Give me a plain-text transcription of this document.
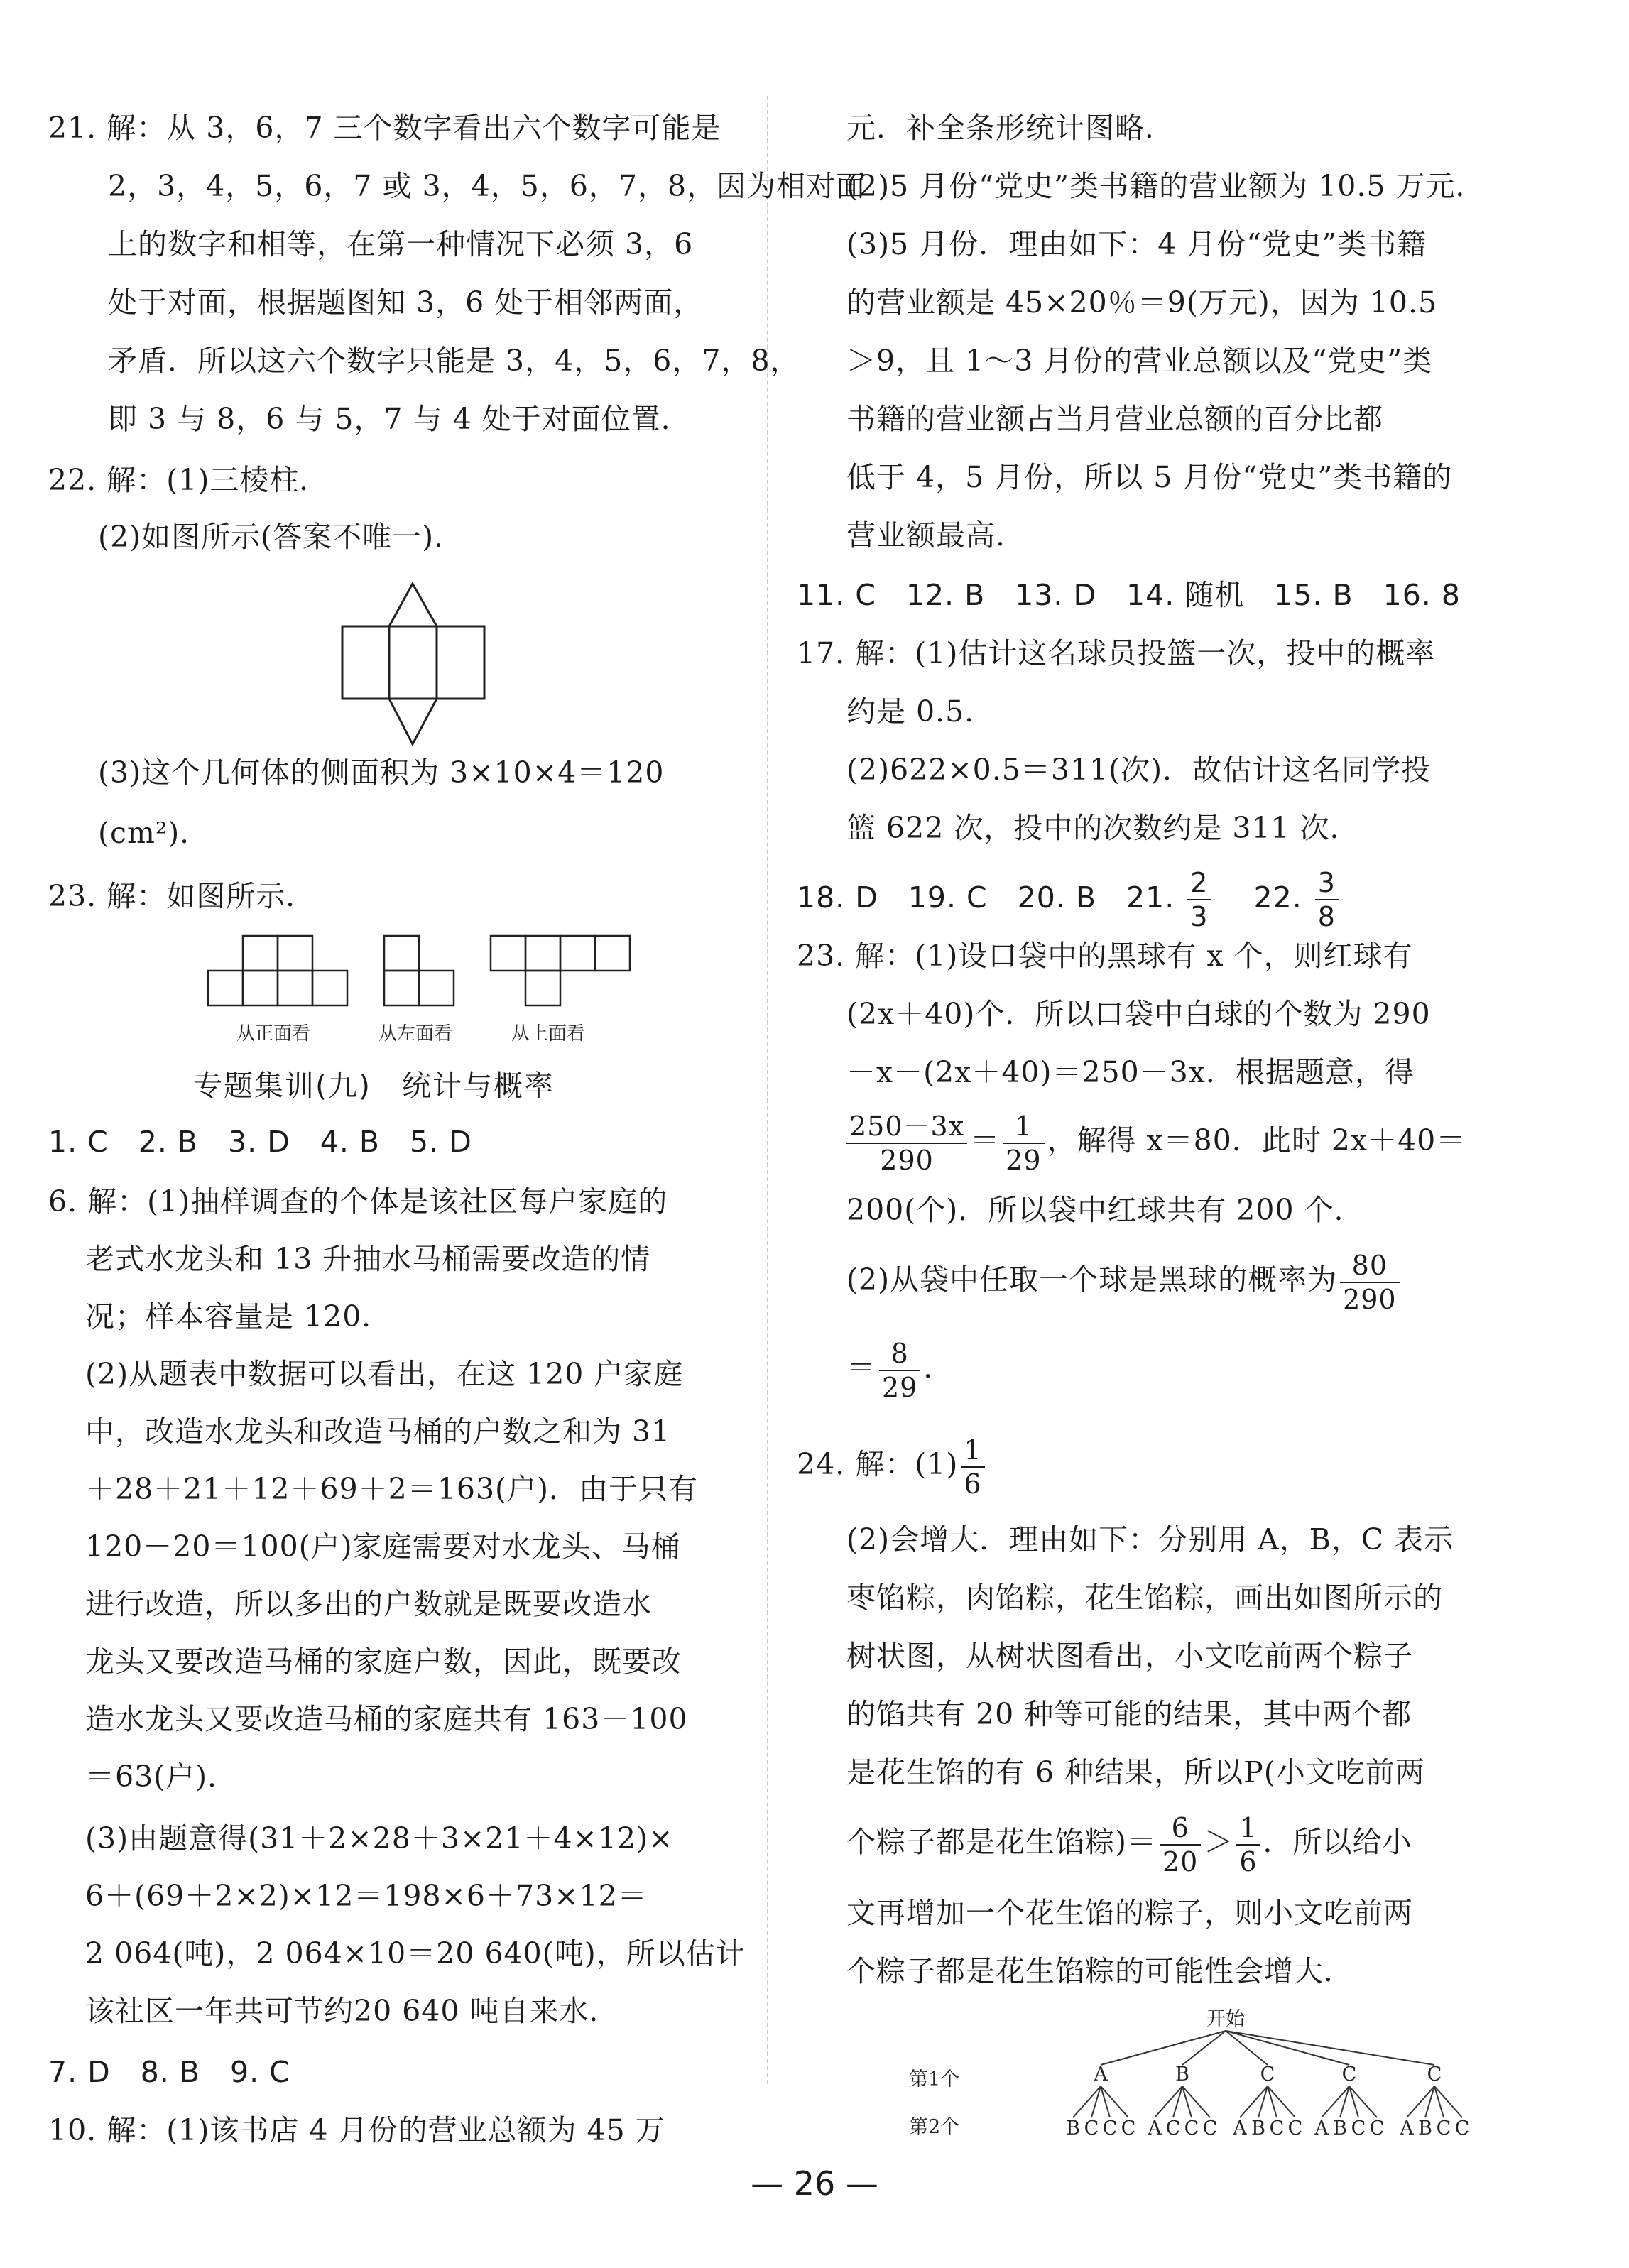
21. 解：从 3，6，7 三个数字看出六个数字可能是
2，3，4，5，6，7 或 3，4，5，6，7，8，因为相对面
上的数字和相等，在第一种情况下必须 3，6
处于对面，根据题图知 3，6 处于相邻两面，
矛盾．所以这六个数字只能是 3，4，5，6，7，8，
即 3 与 8，6 与 5，7 与 4 处于对面位置．
22. 解：(1)三棱柱．
(2)如图所示(答案不唯一)．
(3)这个几何体的侧面积为 3×10×4＝120
(cm²)．
23. 解：如图所示．
从正面看	从左面看	从上面看
专题集训(九)　统计与概率
1. C　2. B　3. D　4. B　5. D
6. 解：(1)抽样调查的个体是该社区每户家庭的
老式水龙头和 13 升抽水马桶需要改造的情
况；样本容量是 120．
(2)从题表中数据可以看出，在这 120 户家庭
中，改造水龙头和改造马桶的户数之和为 31
＋28＋21＋12＋69＋2＝163(户)．由于只有
120－20＝100(户)家庭需要对水龙头、马桶
进行改造，所以多出的户数就是既要改造水
龙头又要改造马桶的家庭户数，因此，既要改
造水龙头又要改造马桶的家庭共有 163－100
＝63(户)．
(3)由题意得(31＋2×28＋3×21＋4×12)×
6＋(69＋2×2)×12＝198×6＋73×12＝
2 064(吨)，2 064×10＝20 640(吨)，所以估计
该社区一年共可节约20 640 吨自来水．
7. D　8. B　9. C
10. 解：(1)该书店 4 月份的营业总额为 45 万
元．补全条形统计图略．
(2)5 月份“党史”类书籍的营业额为 10.5 万元．
(3)5 月份．理由如下：4 月份“党史”类书籍
的营业额是 45×20％＝9(万元)，因为 10.5
＞9，且 1～3 月份的营业总额以及“党史”类
书籍的营业额占当月营业总额的百分比都
低于 4，5 月份，所以 5 月份“党史”类书籍的
营业额最高．
11. C　12. B　13. D　14. 随机　15. B　16. 8
17. 解：(1)估计这名球员投篮一次，投中的概率
约是 0.5．
(2)622×0.5＝311(次)．故估计这名同学投
篮 622 次，投中的次数约是 311 次．
18. D　19. C　20. B　21. $\frac{2}{3}$ 　22. $\frac{3}{8}$
23. 解：(1)设口袋中的黑球有 x 个，则红球有
(2x＋40)个．所以口袋中白球的个数为 290
－x－(2x＋40)＝250－3x．根据题意，得
$\frac{250-3x}{290} = \frac{1}{29}$ ，解得 x＝80．此时 2x＋40＝
200(个)．所以袋中红球共有 200 个．
(2)从袋中任取一个球是黑球的概率为 $\frac{80}{290}$
＝ $\frac{8}{29}$ ．
24. 解：$(1) \frac{1}{6}$
(2)会增大．理由如下：分别用 A，B，C 表示
枣馅粽，肉馅粽，花生馅粽，画出如图所示的
树状图，从树状图看出，小文吃前两个粽子
的馅共有 20 种等可能的结果，其中两个都
是花生馅的有 6 种结果，所以P(小文吃前两
个粽子都是花生馅粽)＝ $\frac{6}{20} > \frac{1}{6}$ ．所以给小
文再增加一个花生馅的粽子，则小文吃前两
个粽子都是花生馅粽的可能性会增大．
开始
第1个
第2个
A
B C C C
B
A C C C
C
A B C C
C
A B C C
C
A B C C
— 26 —
